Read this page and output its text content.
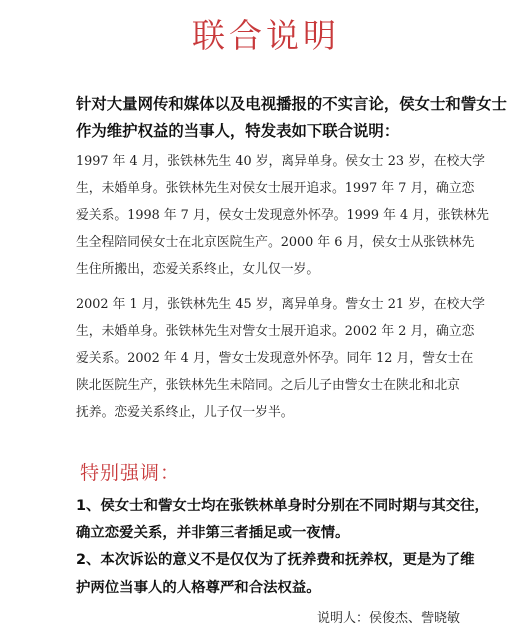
联合说明
针对大量网传和媒体以及电视播报的不实言论，侯女士和訾女士
作为维护权益的当事人，特发表如下联合说明：
1997 年 4 月，张铁林先生 40 岁，离异单身。侯女士 23 岁，在校大学
生，未婚单身。张铁林先生对侯女士展开追求。1997 年 7 月，确立恋
爱关系。1998 年 7 月，侯女士发现意外怀孕。1999 年 4 月，张铁林先
生全程陪同侯女士在北京医院生产。2000 年 6 月，侯女士从张铁林先
生住所搬出，恋爱关系终止，女儿仅一岁。
2002 年 1 月，张铁林先生 45 岁，离异单身。訾女士 21 岁，在校大学
生，未婚单身。张铁林先生对訾女士展开追求。2002 年 2 月，确立恋
爱关系。2002 年 4 月，訾女士发现意外怀孕。同年 12 月，訾女士在
陕北医院生产，张铁林先生未陪同。之后儿子由訾女士在陕北和北京
抚养。恋爱关系终止，儿子仅一岁半。
特别强调：
1、侯女士和訾女士均在张铁林单身时分别在不同时期与其交往，
确立恋爱关系，并非第三者插足或一夜情。
2、本次诉讼的意义不是仅仅为了抚养费和抚养权，更是为了维
护两位当事人的人格尊严和合法权益。
说明人：侯俊杰、訾晓敏
